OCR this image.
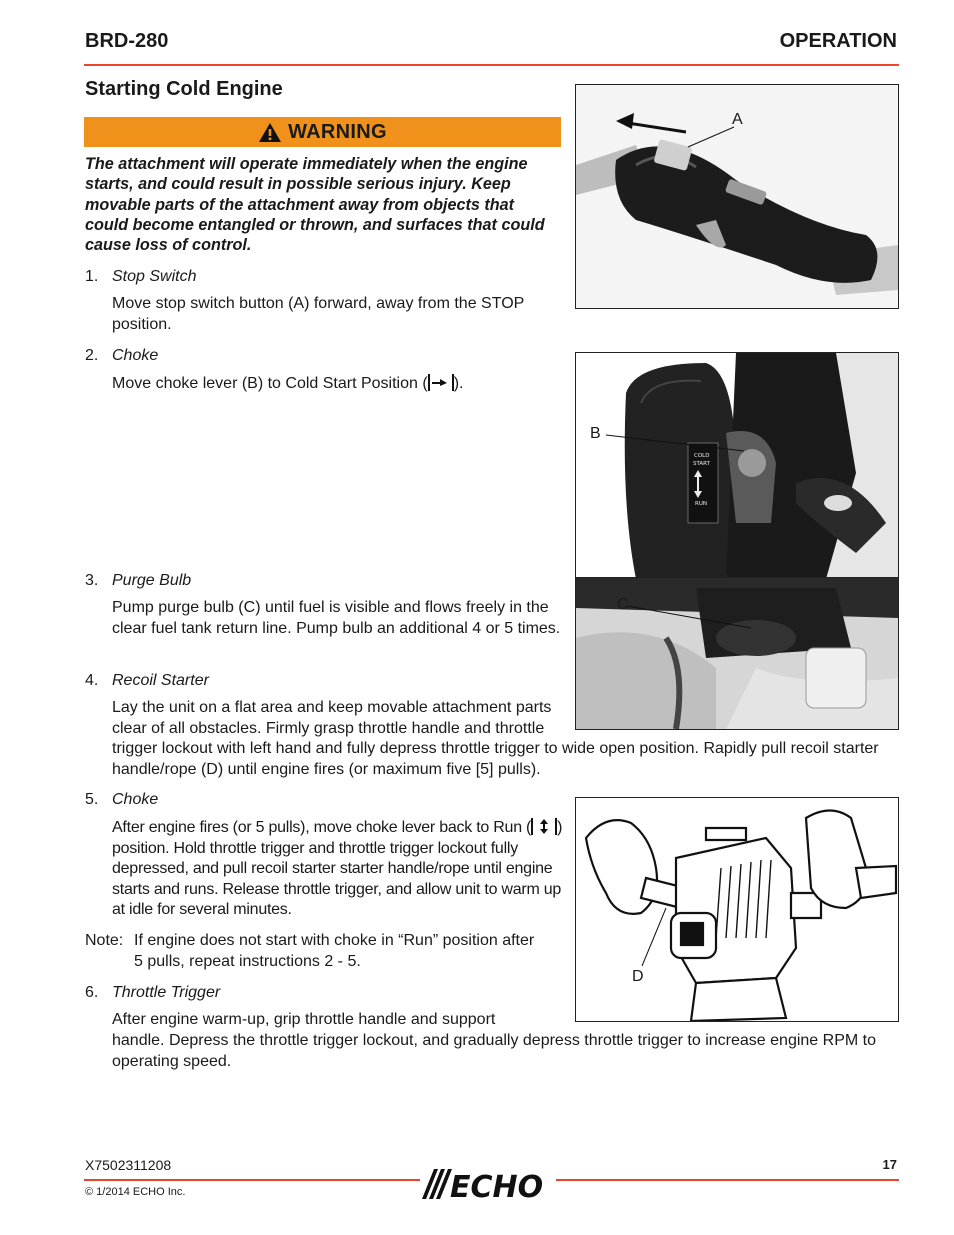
BRD-280	OPERATION
Starting Cold Engine
WARNING
The attachment will operate immediately when the engine starts, and could result in possible serious injury. Keep movable parts of the attachment away from objects that could become entangled or thrown, and surfaces that could cause loss of control.
1. Stop Switch
Move stop switch button (A) forward, away from the STOP position.
2. Choke
Move choke lever (B) to Cold Start Position ( ).
3. Purge Bulb
Pump purge bulb (C) until fuel is visible and flows freely in the clear fuel tank return line. Pump bulb an additional 4 or 5 times.
4. Recoil Starter
Lay the unit on a flat area and keep movable attachment parts clear of all obstacles. Firmly grasp throttle handle and throttle
trigger lockout with left hand and fully depress throttle trigger to wide open position. Rapidly pull recoil starter handle/rope (D) until engine fires (or maximum five [5] pulls).
5. Choke
After engine fires (or 5 pulls), move choke lever back to Run ( ) position. Hold throttle trigger and throttle trigger lockout fully depressed, and pull recoil starter starter handle/rope until engine starts and runs. Release throttle trigger, and allow unit to warm up at idle for several minutes.
Note: If engine does not start with choke in “Run” position after
5 pulls, repeat instructions 2 - 5.
6. Throttle Trigger
After engine warm-up, grip throttle handle and support
handle. Depress the throttle trigger lockout, and gradually depress throttle trigger to increase engine RPM to operating speed.
A
COLD
START
RUN
B
C
D
X7502311208	17
© 1/2014 ECHO Inc.	ECHO
